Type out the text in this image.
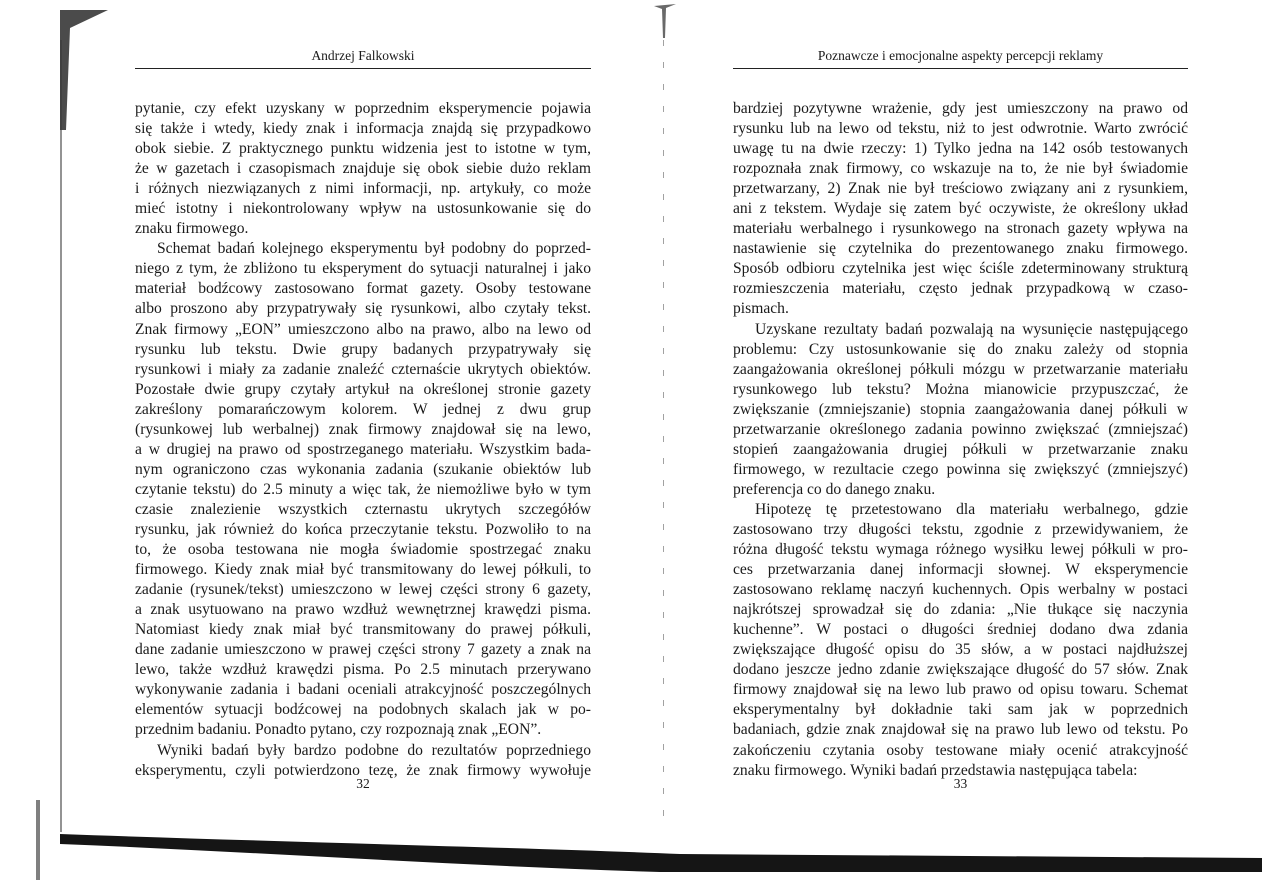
Andrzej Falkowski
pytanie, czy efekt uzyskany w poprzednim eksperymencie pojawia
się także i wtedy, kiedy znak i informacja znajdą się przypadkowo
obok siebie. Z praktycznego punktu widzenia jest to istotne w tym,
że w gazetach i czasopismach znajduje się obok siebie dużo reklam
i różnych niezwiązanych z nimi informacji, np. artykuły, co może
mieć istotny i niekontrolowany wpływ na ustosunkowanie się do
znaku firmowego.
Schemat badań kolejnego eksperymentu był podobny do poprzed-
niego z tym, że zbliżono tu eksperyment do sytuacji naturalnej i jako
materiał bodźcowy zastosowano format gazety. Osoby testowane
albo proszono aby przypatrywały się rysunkowi, albo czytały tekst.
Znak firmowy „EON” umieszczono albo na prawo, albo na lewo od
rysunku lub tekstu. Dwie grupy badanych przypatrywały się
rysunkowi i miały za zadanie znaleźć czternaście ukrytych obiektów.
Pozostałe dwie grupy czytały artykuł na określonej stronie gazety
zakreślony pomarańczowym kolorem. W jednej z dwu grup
(rysunkowej lub werbalnej) znak firmowy znajdował się na lewo,
a w drugiej na prawo od spostrzeganego materiału. Wszystkim bada-
nym ograniczono czas wykonania zadania (szukanie obiektów lub
czytanie tekstu) do 2.5 minuty a więc tak, że niemożliwe było w tym
czasie znalezienie wszystkich czternastu ukrytych szczegółów
rysunku, jak również do końca przeczytanie tekstu. Pozwoliło to na
to, że osoba testowana nie mogła świadomie spostrzegać znaku
firmowego. Kiedy znak miał być transmitowany do lewej półkuli, to
zadanie (rysunek/tekst) umieszczono w lewej części strony 6 gazety,
a znak usytuowano na prawo wzdłuż wewnętrznej krawędzi pisma.
Natomiast kiedy znak miał być transmitowany do prawej półkuli,
dane zadanie umieszczono w prawej części strony 7 gazety a znak na
lewo, także wzdłuż krawędzi pisma. Po 2.5 minutach przerywano
wykonywanie zadania i badani oceniali atrakcyjność poszczególnych
elementów sytuacji bodźcowej na podobnych skalach jak w po-
przednim badaniu. Ponadto pytano, czy rozpoznają znak „EON”.
Wyniki badań były bardzo podobne do rezultatów poprzedniego
eksperymentu, czyli potwierdzono tezę, że znak firmowy wywołuje
32
Poznawcze i emocjonalne aspekty percepcji reklamy
bardziej pozytywne wrażenie, gdy jest umieszczony na prawo od
rysunku lub na lewo od tekstu, niż to jest odwrotnie. Warto zwrócić
uwagę tu na dwie rzeczy: 1) Tylko jedna na 142 osób testowanych
rozpoznała znak firmowy, co wskazuje na to, że nie był świadomie
przetwarzany, 2) Znak nie był treściowo związany ani z rysunkiem,
ani z tekstem. Wydaje się zatem być oczywiste, że określony układ
materiału werbalnego i rysunkowego na stronach gazety wpływa na
nastawienie się czytelnika do prezentowanego znaku firmowego.
Sposób odbioru czytelnika jest więc ściśle zdeterminowany strukturą
rozmieszczenia materiału, często jednak przypadkową w czaso-
pismach.
Uzyskane rezultaty badań pozwalają na wysunięcie następującego
problemu: Czy ustosunkowanie się do znaku zależy od stopnia
zaangażowania określonej półkuli mózgu w przetwarzanie materiału
rysunkowego lub tekstu? Można mianowicie przypuszczać, że
zwiększanie (zmniejszanie) stopnia zaangażowania danej półkuli w
przetwarzanie określonego zadania powinno zwiększać (zmniejszać)
stopień zaangażowania drugiej półkuli w przetwarzanie znaku
firmowego, w rezultacie czego powinna się zwiększyć (zmniejszyć)
preferencja co do danego znaku.
Hipotezę tę przetestowano dla materiału werbalnego, gdzie
zastosowano trzy długości tekstu, zgodnie z przewidywaniem, że
różna długość tekstu wymaga różnego wysiłku lewej półkuli w pro-
ces przetwarzania danej informacji słownej. W eksperymencie
zastosowano reklamę naczyń kuchennych. Opis werbalny w postaci
najkrótszej sprowadzał się do zdania: „Nie tłukące się naczynia
kuchenne”. W postaci o długości średniej dodano dwa zdania
zwiększające długość opisu do 35 słów, a w postaci najdłuższej
dodano jeszcze jedno zdanie zwiększające długość do 57 słów. Znak
firmowy znajdował się na lewo lub prawo od opisu towaru. Schemat
eksperymentalny był dokładnie taki sam jak w poprzednich
badaniach, gdzie znak znajdował się na prawo lub lewo od tekstu. Po
zakończeniu czytania osoby testowane miały ocenić atrakcyjność
znaku firmowego. Wyniki badań przedstawia następująca tabela:
33
